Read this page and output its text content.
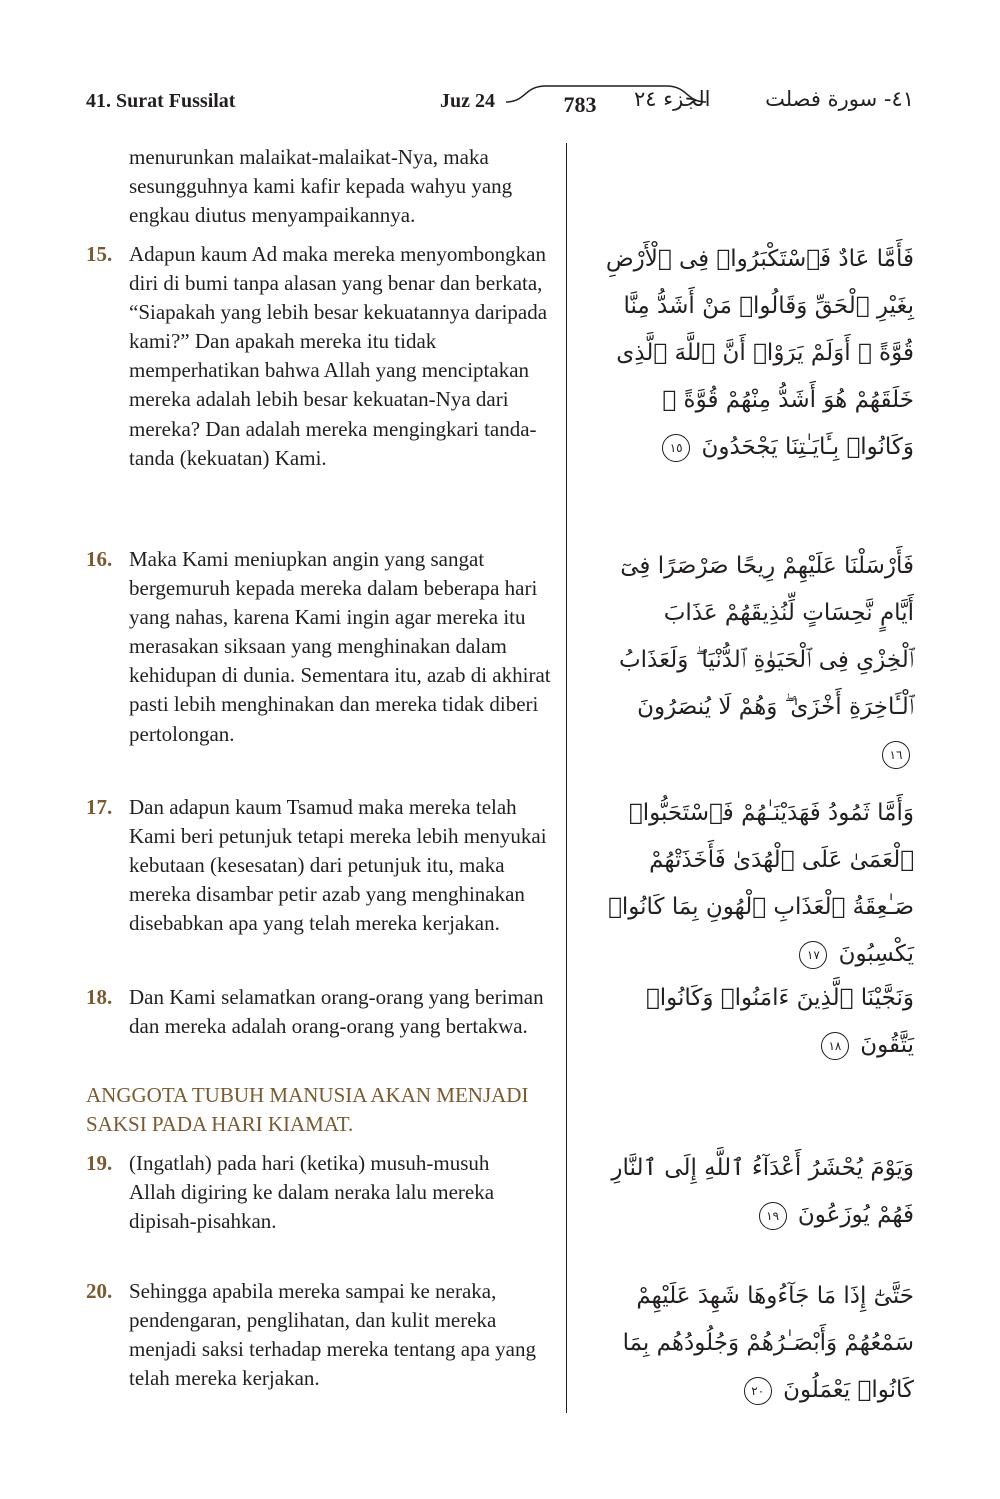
41. Surat Fussilat	Juz 24	783	الجزء ٢٤	٤١- سورة فصلت
menurunkan malaikat-malaikat-Nya, maka sesungguhnya kami kafir kepada wahyu yang engkau diutus menyampaikannya.
15. Adapun kaum Ad maka mereka menyombongkan diri di bumi tanpa alasan yang benar dan berkata, “Siapakah yang lebih besar kekuatannya daripada kami?” Dan apakah mereka itu tidak memperhatikan bahwa Allah yang menciptakan mereka adalah lebih besar kekuatan-Nya dari mereka? Dan adalah mereka mengingkari tanda-tanda (kekuatan) Kami.
16. Maka Kami meniupkan angin yang sangat bergemuruh kepada mereka dalam beberapa hari yang nahas, karena Kami ingin agar mereka itu merasakan siksaan yang menghinakan dalam kehidupan di dunia. Sementara itu, azab di akhirat pasti lebih menghinakan dan mereka tidak diberi pertolongan.
17. Dan adapun kaum Tsamud maka mereka telah Kami beri petunjuk tetapi mereka lebih menyukai kebutaan (kesesatan) dari petunjuk itu, maka mereka disambar petir azab yang menghinakan disebabkan apa yang telah mereka kerjakan.
18. Dan Kami selamatkan orang-orang yang beriman dan mereka adalah orang-orang yang bertakwa.
ANGGOTA TUBUH MANUSIA AKAN MENJADI SAKSI PADA HARI KIAMAT.
19. (Ingatlah) pada hari (ketika) musuh-musuh Allah digiring ke dalam neraka lalu mereka dipisah-pisahkan.
20. Sehingga apabila mereka sampai ke neraka, pendengaran, penglihatan, dan kulit mereka menjadi saksi terhadap mereka tentang apa yang telah mereka kerjakan.
فَأَمَّا عَادٌ فَٱسْتَكْبَرُوا۟ فِى ٱلْأَرْضِ بِغَيْرِ ٱلْحَقِّ وَقَالُوا۟ مَنْ أَشَدُّ مِنَّا قُوَّةً ۖ أَوَلَمْ يَرَوْا۟ أَنَّ ٱللَّهَ ٱلَّذِى خَلَقَهُمْ هُوَ أَشَدُّ مِنْهُمْ قُوَّةً ۖ وَكَانُوا۟ بِـَٔايَـٰتِنَا يَجْحَدُونَ ١٥
فَأَرْسَلْنَا عَلَيْهِمْ رِيحًا صَرْصَرًا فِىٓ أَيَّامٍ نَّحِسَاتٍ لِّنُذِيقَهُمْ عَذَابَ ٱلْخِزْىِ فِى ٱلْحَيَوٰةِ ٱلدُّنْيَا ۖ وَلَعَذَابُ ٱلْـَٔاخِرَةِ أَخْزَىٰ ۖ وَهُمْ لَا يُنصَرُونَ ١٦
وَأَمَّا ثَمُودُ فَهَدَيْنَـٰهُمْ فَٱسْتَحَبُّوا۟ ٱلْعَمَىٰ عَلَى ٱلْهُدَىٰ فَأَخَذَتْهُمْ صَـٰعِقَةُ ٱلْعَذَابِ ٱلْهُونِ بِمَا كَانُوا۟ يَكْسِبُونَ ١٧
وَنَجَّيْنَا ٱلَّذِينَ ءَامَنُوا۟ وَكَانُوا۟ يَتَّقُونَ ١٨
وَيَوْمَ يُحْشَرُ أَعْدَآءُ ٱللَّهِ إِلَى ٱلنَّارِ فَهُمْ يُوزَعُونَ ١٩
حَتَّىٰٓ إِذَا مَا جَآءُوهَا شَهِدَ عَلَيْهِمْ سَمْعُهُمْ وَأَبْصَـٰرُهُمْ وَجُلُودُهُم بِمَا كَانُوا۟ يَعْمَلُونَ ٢٠
